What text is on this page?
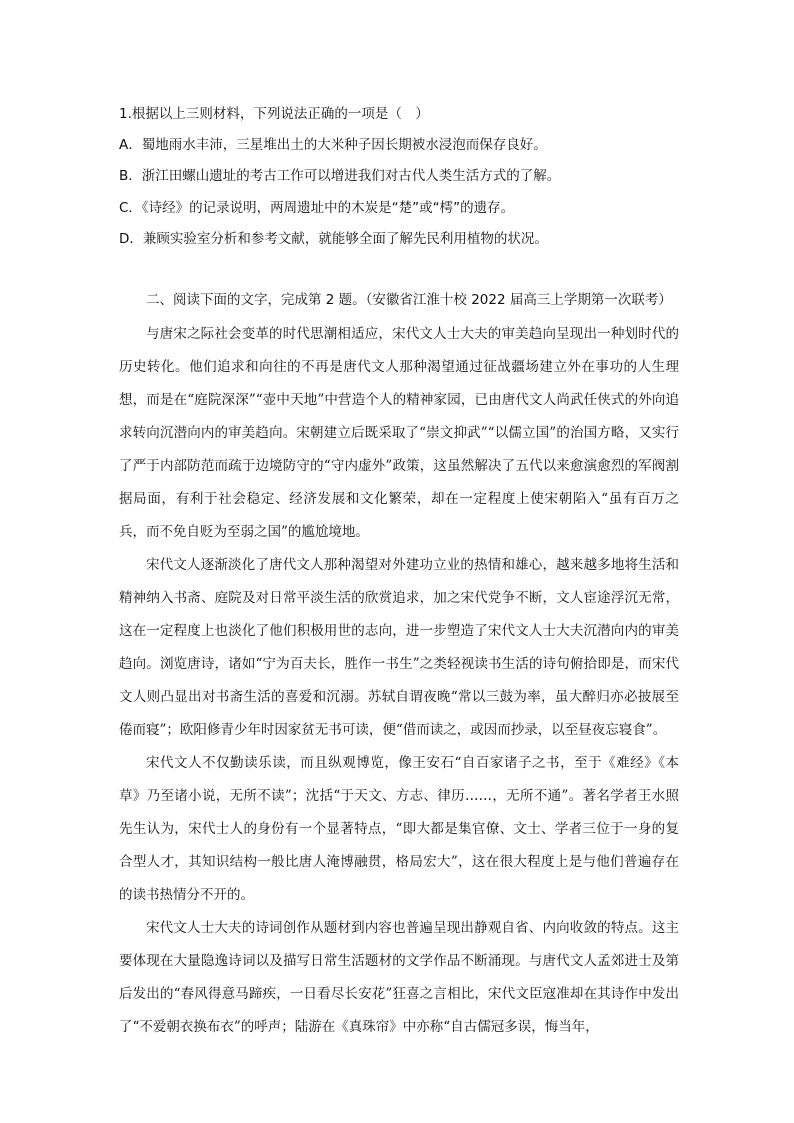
1.根据以上三则材料，下列说法正确的一项是（　）
A．蜀地雨水丰沛，三星堆出土的大米种子因长期被水浸泡而保存良好。
B．浙江田螺山遗址的考古工作可以增进我们对古代人类生活方式的了解。
C．《诗经》的记录说明，两周遗址中的木炭是“楚”或“樗”的遗存。
D．兼顾实验室分析和参考文献，就能够全面了解先民利用植物的状况。
二、阅读下面的文字，完成第 2 题。（安徽省江淮十校 2022 届高三上学期第一次联考）

与唐宋之际社会变革的时代思潮相适应，宋代文人士大夫的审美趋向呈现出一种划时代的历史转化。他们追求和向往的不再是唐代文人那种渴望通过征战疆场建立外在事功的人生理想，而是在“庭院深深”“壶中天地”中营造个人的精神家园，已由唐代文人尚武任侠式的外向追求转向沉潜向内的审美趋向。宋朝建立后既采取了“崇文抑武”“以儒立国”的治国方略，又实行了严于内部防范而疏于边境防守的“守内虚外”政策，这虽然解决了五代以来愈演愈烈的军阀割据局面，有利于社会稳定、经济发展和文化繁荣，却在一定程度上使宋朝陷入“虽有百万之兵，而不免自贬为至弱之国”的尴尬境地。

宋代文人逐渐淡化了唐代文人那种渴望对外建功立业的热情和雄心，越来越多地将生活和精神纳入书斋、庭院及对日常平淡生活的欣赏追求，加之宋代党争不断，文人宦途浮沉无常，这在一定程度上也淡化了他们积极用世的志向，进一步塑造了宋代文人士大夫沉潜向内的审美趋向。浏览唐诗，诸如“宁为百夫长，胜作一书生”之类轻视读书生活的诗句俯拾即是，而宋代文人则凸显出对书斋生活的喜爱和沉溺。苏轼自谓夜晚“常以三鼓为率，虽大醉归亦必披展至倦而寝”；欧阳修青少年时因家贫无书可读，便“借而读之，或因而抄录，以至昼夜忘寝食”。

宋代文人不仅勤读乐读，而且纵观博览，像王安石“自百家诸子之书，至于《难经》《本草》乃至诸小说，无所不读”；沈括“于天文、方志、律历……，无所不通”。著名学者王水照先生认为，宋代士人的身份有一个显著特点，“即大都是集官僚、文士、学者三位于一身的复合型人才，其知识结构一般比唐人淹博融贯，格局宏大”，这在很大程度上是与他们普遍存在的读书热情分不开的。

宋代文人士大夫的诗词创作从题材到内容也普遍呈现出静观自省、内向收敛的特点。这主要体现在大量隐逸诗词以及描写日常生活题材的文学作品不断涌现。与唐代文人孟郊进士及第后发出的“春风得意马蹄疾，一日看尽长安花”狂喜之言相比，宋代文臣寇准却在其诗作中发出了“不爱朝衣换布衣”的呼声；陆游在《真珠帘》中亦称“自古儒冠多误，悔当年，
